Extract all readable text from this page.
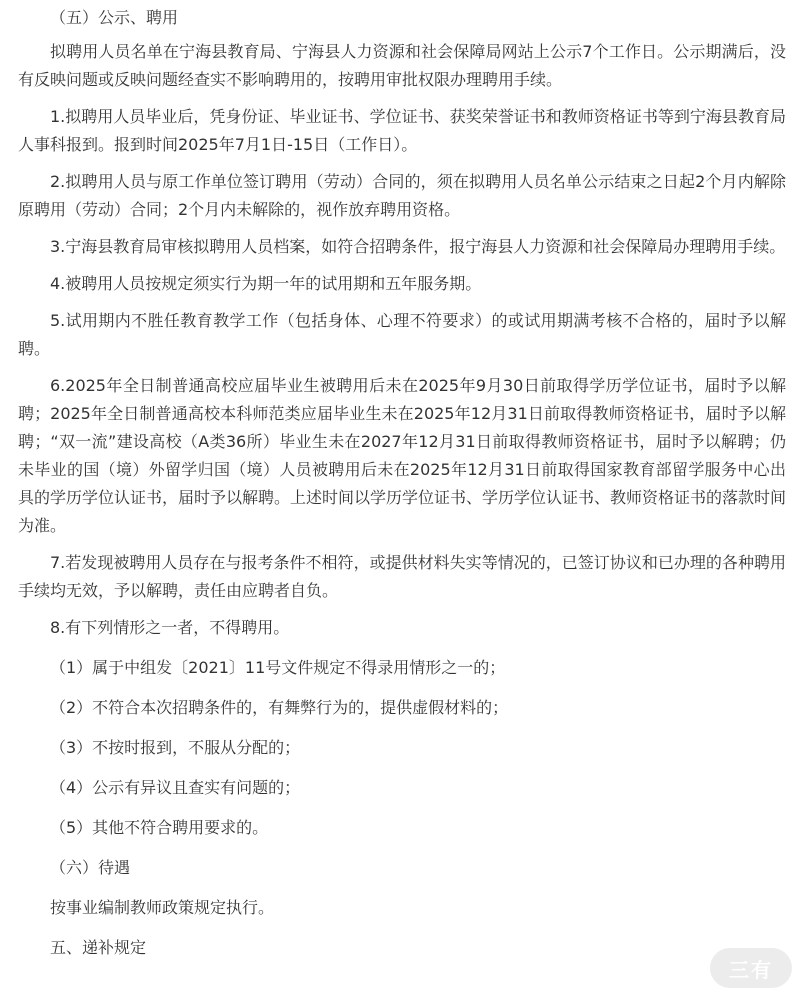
（五）公示、聘用

拟聘用人员名单在宁海县教育局、宁海县人力资源和社会保障局网站上公示7个工作日。公示期满后，没有反映问题或反映问题经查实不影响聘用的，按聘用审批权限办理聘用手续。

1.拟聘用人员毕业后，凭身份证、毕业证书、学位证书、获奖荣誉证书和教师资格证书等到宁海县教育局人事科报到。报到时间2025年7月1日-15日（工作日）。

2.拟聘用人员与原工作单位签订聘用（劳动）合同的，须在拟聘用人员名单公示结束之日起2个月内解除原聘用（劳动）合同；2个月内未解除的，视作放弃聘用资格。

3.宁海县教育局审核拟聘用人员档案，如符合招聘条件，报宁海县人力资源和社会保障局办理聘用手续。

4.被聘用人员按规定须实行为期一年的试用期和五年服务期。

5.试用期内不胜任教育教学工作（包括身体、心理不符要求）的或试用期满考核不合格的，届时予以解聘。

6.2025年全日制普通高校应届毕业生被聘用后未在2025年9月30日前取得学历学位证书，届时予以解聘；2025年全日制普通高校本科师范类应届毕业生未在2025年12月31日前取得教师资格证书，届时予以解聘；“双一流”建设高校（A类36所）毕业生未在2027年12月31日前取得教师资格证书，届时予以解聘；仍未毕业的国（境）外留学归国（境）人员被聘用后未在2025年12月31日前取得国家教育部留学服务中心出具的学历学位认证书，届时予以解聘。上述时间以学历学位证书、学历学位认证书、教师资格证书的落款时间为准。

7.若发现被聘用人员存在与报考条件不相符，或提供材料失实等情况的，已签订协议和已办理的各种聘用手续均无效，予以解聘，责任由应聘者自负。

8.有下列情形之一者，不得聘用。

（1）属于中组发〔2021〕11号文件规定不得录用情形之一的；

（2）不符合本次招聘条件的，有舞弊行为的，提供虚假材料的；

（3）不按时报到，不服从分配的；

（4）公示有异议且查实有问题的；

（5）其他不符合聘用要求的。

（六）待遇

按事业编制教师政策规定执行。

五、递补规定

三有
